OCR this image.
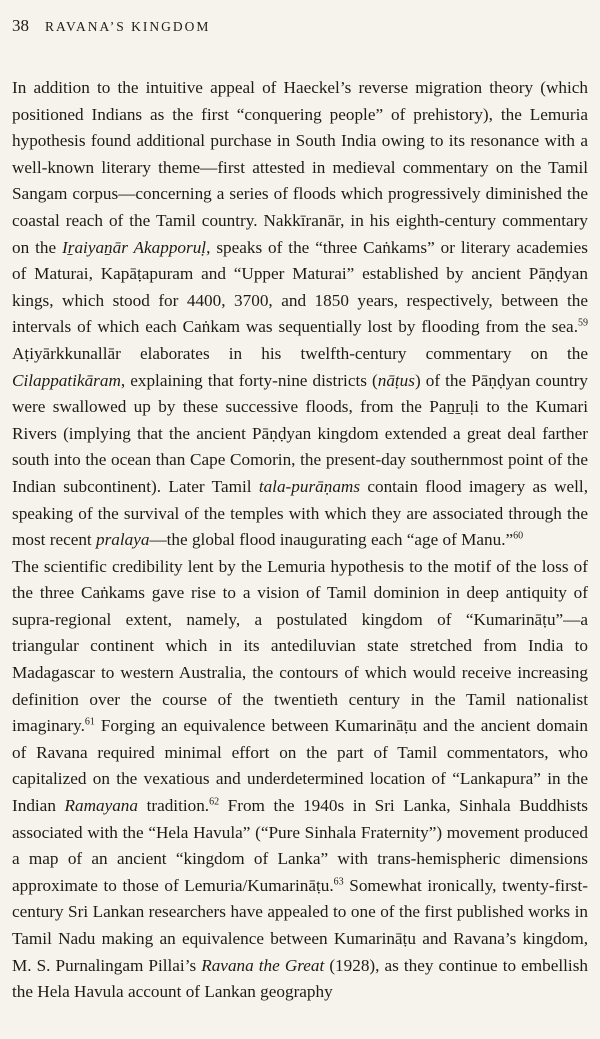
38 RAVANA’S KINGDOM

In addition to the intuitive appeal of Haeckel’s reverse migration theory (which positioned Indians as the first “conquering people” of prehistory), the Lemuria hypothesis found additional purchase in South India owing to its resonance with a well-known literary theme—first attested in medieval commentary on the Tamil Sangam corpus—concerning a series of floods which progressively diminished the coastal reach of the Tamil country. Nakkīranār, in his eighth-century commentary on the Iṟaiyaṉār Akapporuḷ, speaks of the “three Caṅkams” or literary academies of Maturai, Kapāṭapuram and “Upper Maturai” established by ancient Pāṇḍyan kings, which stood for 4400, 3700, and 1850 years, respectively, between the intervals of which each Caṅkam was sequentially lost by flooding from the sea.$^{59}$ Aṭiyārkkunallār elaborates in his twelfth-century commentary on the Cilappatikāram, explaining that forty-nine districts (nāṭus) of the Pāṇḍyan country were swallowed up by these successive floods, from the Paṉṟuḷi to the Kumari Rivers (implying that the ancient Pāṇḍyan kingdom extended a great deal farther south into the ocean than Cape Comorin, the present-day southernmost point of the Indian subcontinent). Later Tamil tala-purāṇams contain flood imagery as well, speaking of the survival of the temples with which they are associated through the most recent pralaya—the global flood inaugurating each “age of Manu.”$^{60}$

The scientific credibility lent by the Lemuria hypothesis to the motif of the loss of the three Caṅkams gave rise to a vision of Tamil dominion in deep antiquity of supra-regional extent, namely, a postulated kingdom of “Kumarināṭu”—a triangular continent which in its antediluvian state stretched from India to Madagascar to western Australia, the contours of which would receive increasing definition over the course of the twentieth century in the Tamil nationalist imaginary.$^{61}$ Forging an equivalence between Kumarināṭu and the ancient domain of Ravana required minimal effort on the part of Tamil commentators, who capitalized on the vexatious and underdetermined location of “Lankapura” in the Indian Ramayana tradition.$^{62}$ From the 1940s in Sri Lanka, Sinhala Buddhists associated with the “Hela Havula” (“Pure Sinhala Fraternity”) movement produced a map of an ancient “kingdom of Lanka” with trans-hemispheric dimensions approximate to those of Lemuria/Kumarināṭu.$^{63}$ Somewhat ironically, twenty-first-century Sri Lankan researchers have appealed to one of the first published works in Tamil Nadu making an equivalence between Kumarināṭu and Ravana’s kingdom, M. S. Purnalingam Pillai’s Ravana the Great (1928), as they continue to embellish the Hela Havula account of Lankan geography
